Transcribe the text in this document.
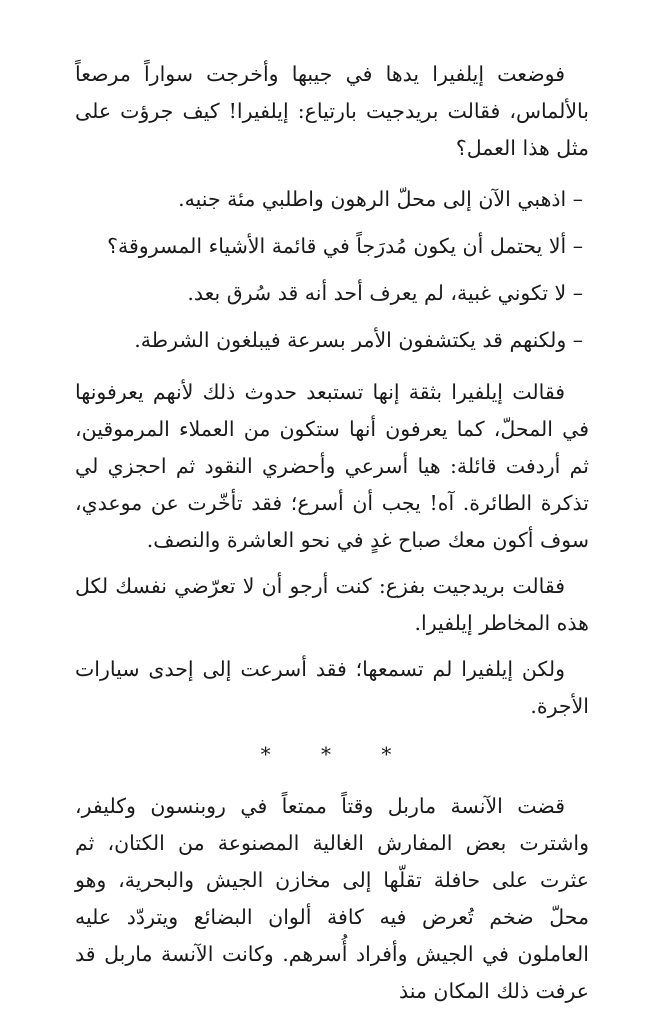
فوضعت إيلفيرا يدها في جيبها وأخرجت سواراً مرصعاً بالألماس، فقالت بريدجيت بارتياع: إيلفيرا! كيف جرؤت على مثل هذا العمل؟

– اذهبي الآن إلى محلّ الرهون واطلبي مئة جنيه.

– ألا يحتمل أن يكون مُدرَجاً في قائمة الأشياء المسروقة؟

– لا تكوني غبية، لم يعرف أحد أنه قد سُرق بعد.

– ولكنهم قد يكتشفون الأمر بسرعة فيبلغون الشرطة.

فقالت إيلفيرا بثقة إنها تستبعد حدوث ذلك لأنهم يعرفونها في المحلّ، كما يعرفون أنها ستكون من العملاء المرموقين، ثم أردفت قائلة: هيا أسرعي وأحضري النقود ثم احجزي لي تذكرة الطائرة. آه! يجب أن أسرع؛ فقد تأخّرت عن موعدي، سوف أكون معك صباح غدٍ في نحو العاشرة والنصف.

فقالت بريدجيت بفزع: كنت أرجو أن لا تعرّضي نفسك لكل هذه المخاطر إيلفيرا.

ولكن إيلفيرا لم تسمعها؛ فقد أسرعت إلى إحدى سيارات الأجرة.

* * *

قضت الآنسة ماربل وقتاً ممتعاً في روبنسون وكليفر، واشترت بعض المفارش الغالية المصنوعة من الكتان، ثم عثرت على حافلة تقلّها إلى مخازن الجيش والبحرية، وهو محلّ ضخم تُعرض فيه كافة ألوان البضائع ويتردّد عليه العاملون في الجيش وأفراد أُسرهم. وكانت الآنسة ماربل قد عرفت ذلك المكان منذ
